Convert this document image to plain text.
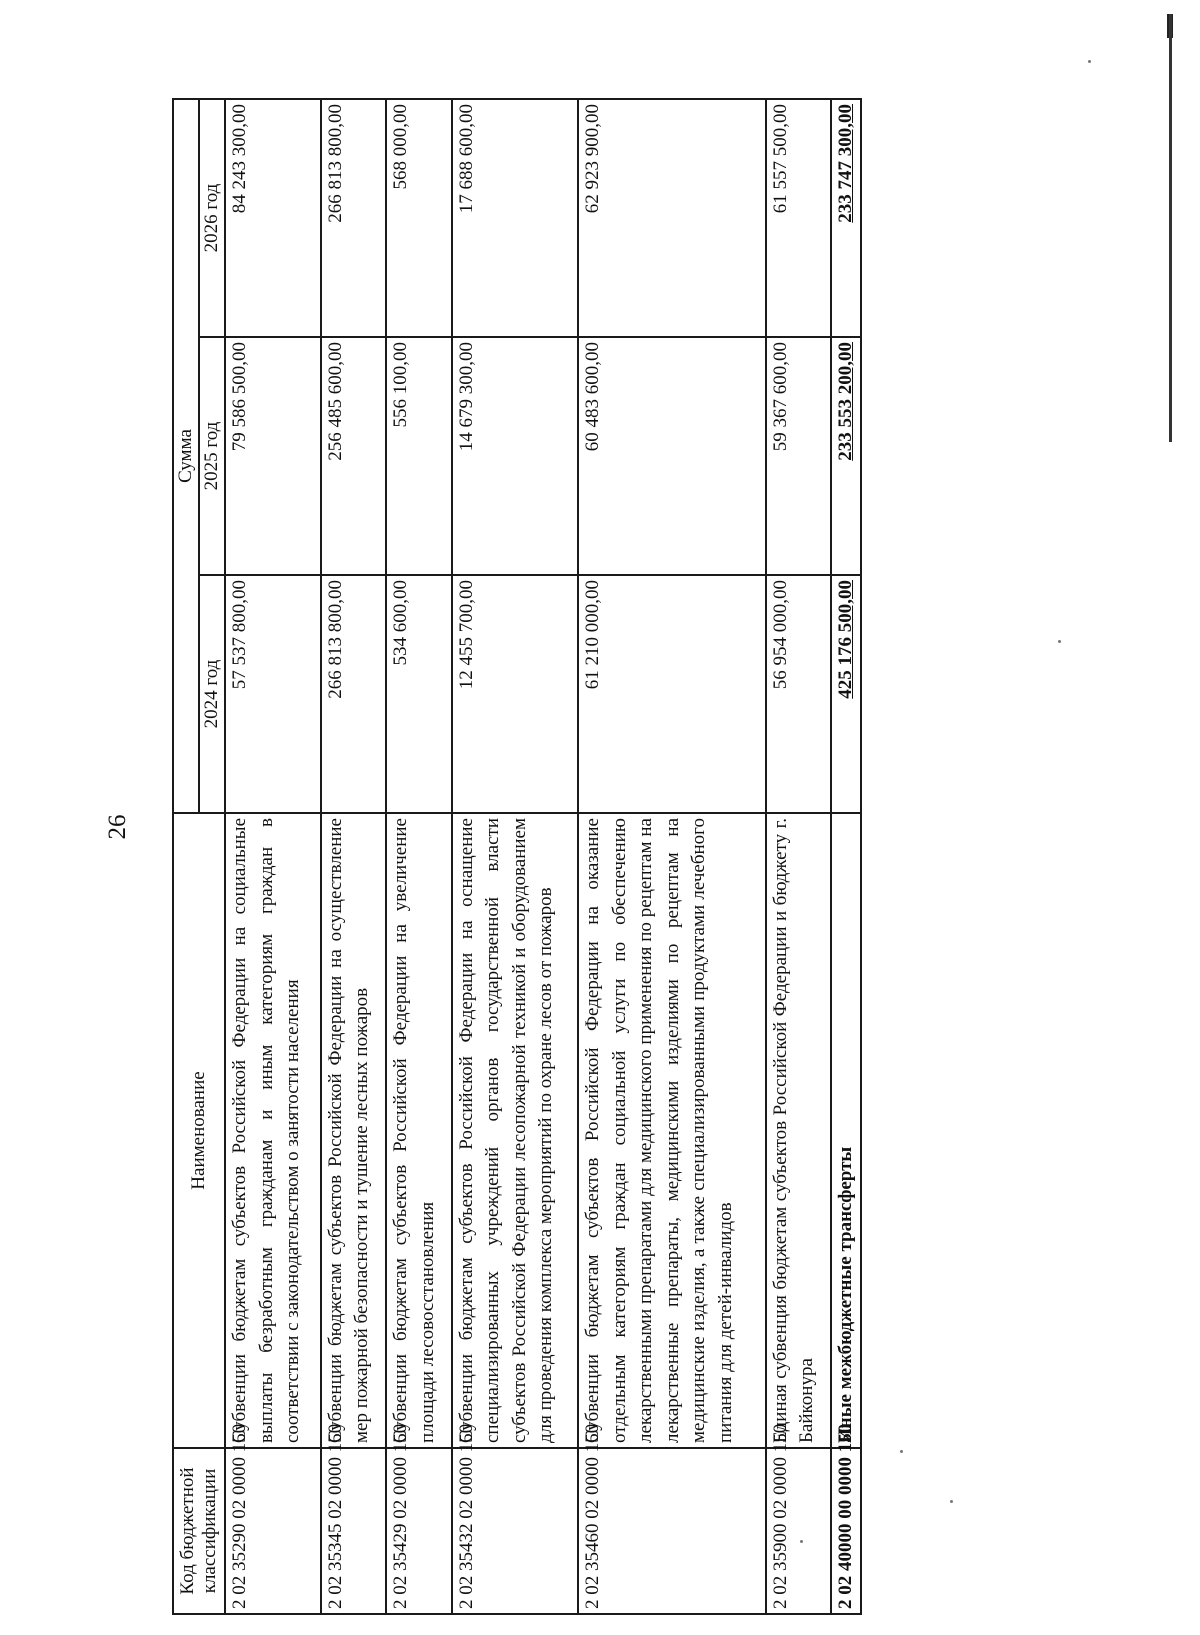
26
Код бюджетной классификации	Наименование	Сумма		
		2024 год	2025 год	2026 год
2 02 35290 02 0000 150	Субвенции бюджетам субъектов Российской Федерации на социальные выплаты безработным гражданам и иным категориям граждан в соответствии с законодательством о занятости населения	57 537 800,00	79 586 500,00	84 243 300,00
2 02 35345 02 0000 150	Субвенции бюджетам субъектов Российской Федерации на осуществление мер пожарной безопасности и тушение лесных пожаров	266 813 800,00	256 485 600,00	266 813 800,00
2 02 35429 02 0000 150	Субвенции бюджетам субъектов Российской Федерации на увеличение площади лесовосстановления	534 600,00	556 100,00	568 000,00
2 02 35432 02 0000 150	Субвенции бюджетам субъектов Российской Федерации на оснащение специализированных учреждений органов государственной власти субъектов Российской Федерации лесопожарной техникой и оборудованием для проведения комплекса мероприятий по охране лесов от пожаров	12 455 700,00	14 679 300,00	17 688 600,00
2 02 35460 02 0000 150	Субвенции бюджетам субъектов Российской Федерации на оказание отдельным категориям граждан социальной услуги по обеспечению лекарственными препаратами для медицинского применения по рецептам на лекарственные препараты, медицинскими изделиями по рецептам на медицинские изделия, а также специализированными продуктами лечебного питания для детей-инвалидов	61 210 000,00	60 483 600,00	62 923 900,00
2 02 35900 02 0000 150	Единая субвенция бюджетам субъектов Российской Федерации и бюджету г. Байконура	56 954 000,00	59 367 600,00	61 557 500,00
2 02 40000 00 0000 150	Иные межбюджетные трансферты	425 176 500,00	233 553 200,00	233 747 300,00
